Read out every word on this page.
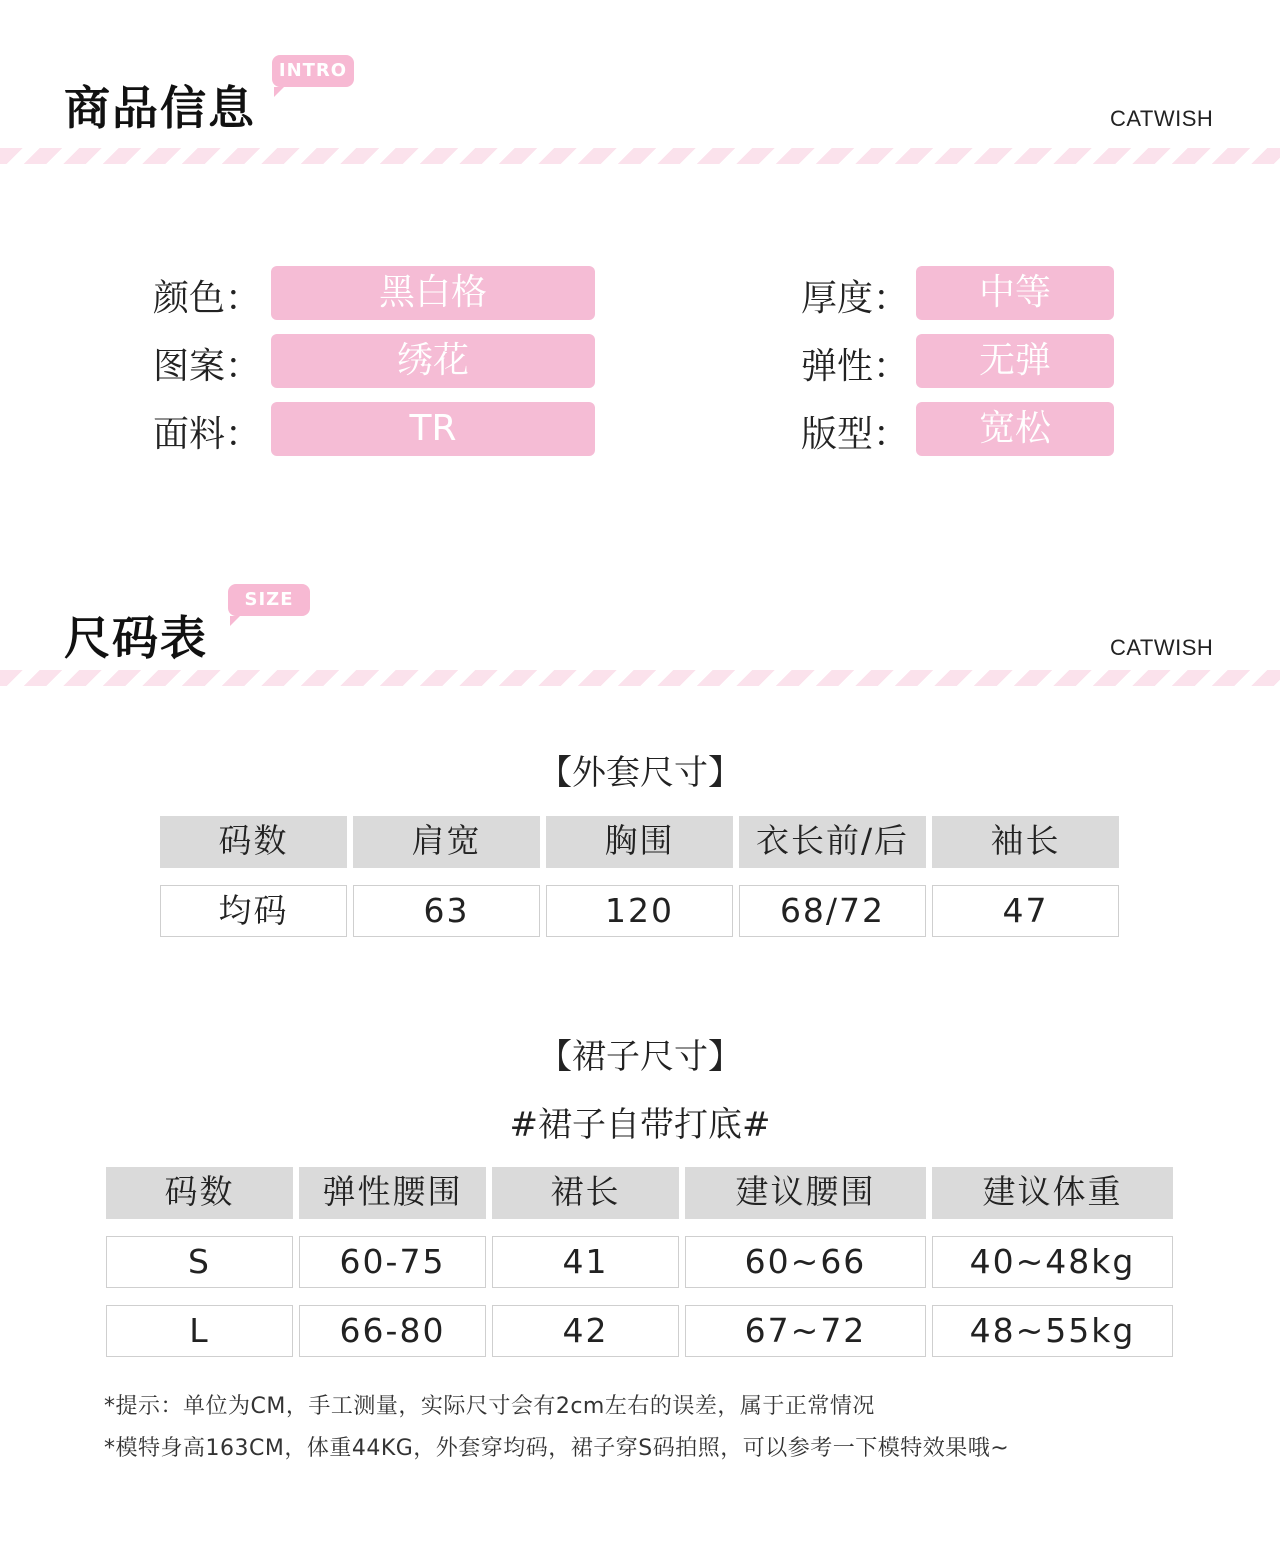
商品信息
INTRO
CATWISH
颜色：	黑白格
图案：	绣花
面料：	TR
厚度：	中等
弹性：	无弹
版型：	宽松
尺码表
SIZE
CATWISH
【外套尺寸】
码数	肩宽	胸围	衣长前/后	袖长
均码	63	120	68/72	47
【裙子尺寸】
#裙子自带打底#
码数	弹性腰围	裙长	建议腰围	建议体重
S	60-75	41	60~66	40~48kg
L	66-80	42	67~72	48~55kg
*提示：单位为CM，手工测量，实际尺寸会有2cm左右的误差，属于正常情况
*模特身高163CM，体重44KG，外套穿均码，裙子穿S码拍照，可以参考一下模特效果哦~
